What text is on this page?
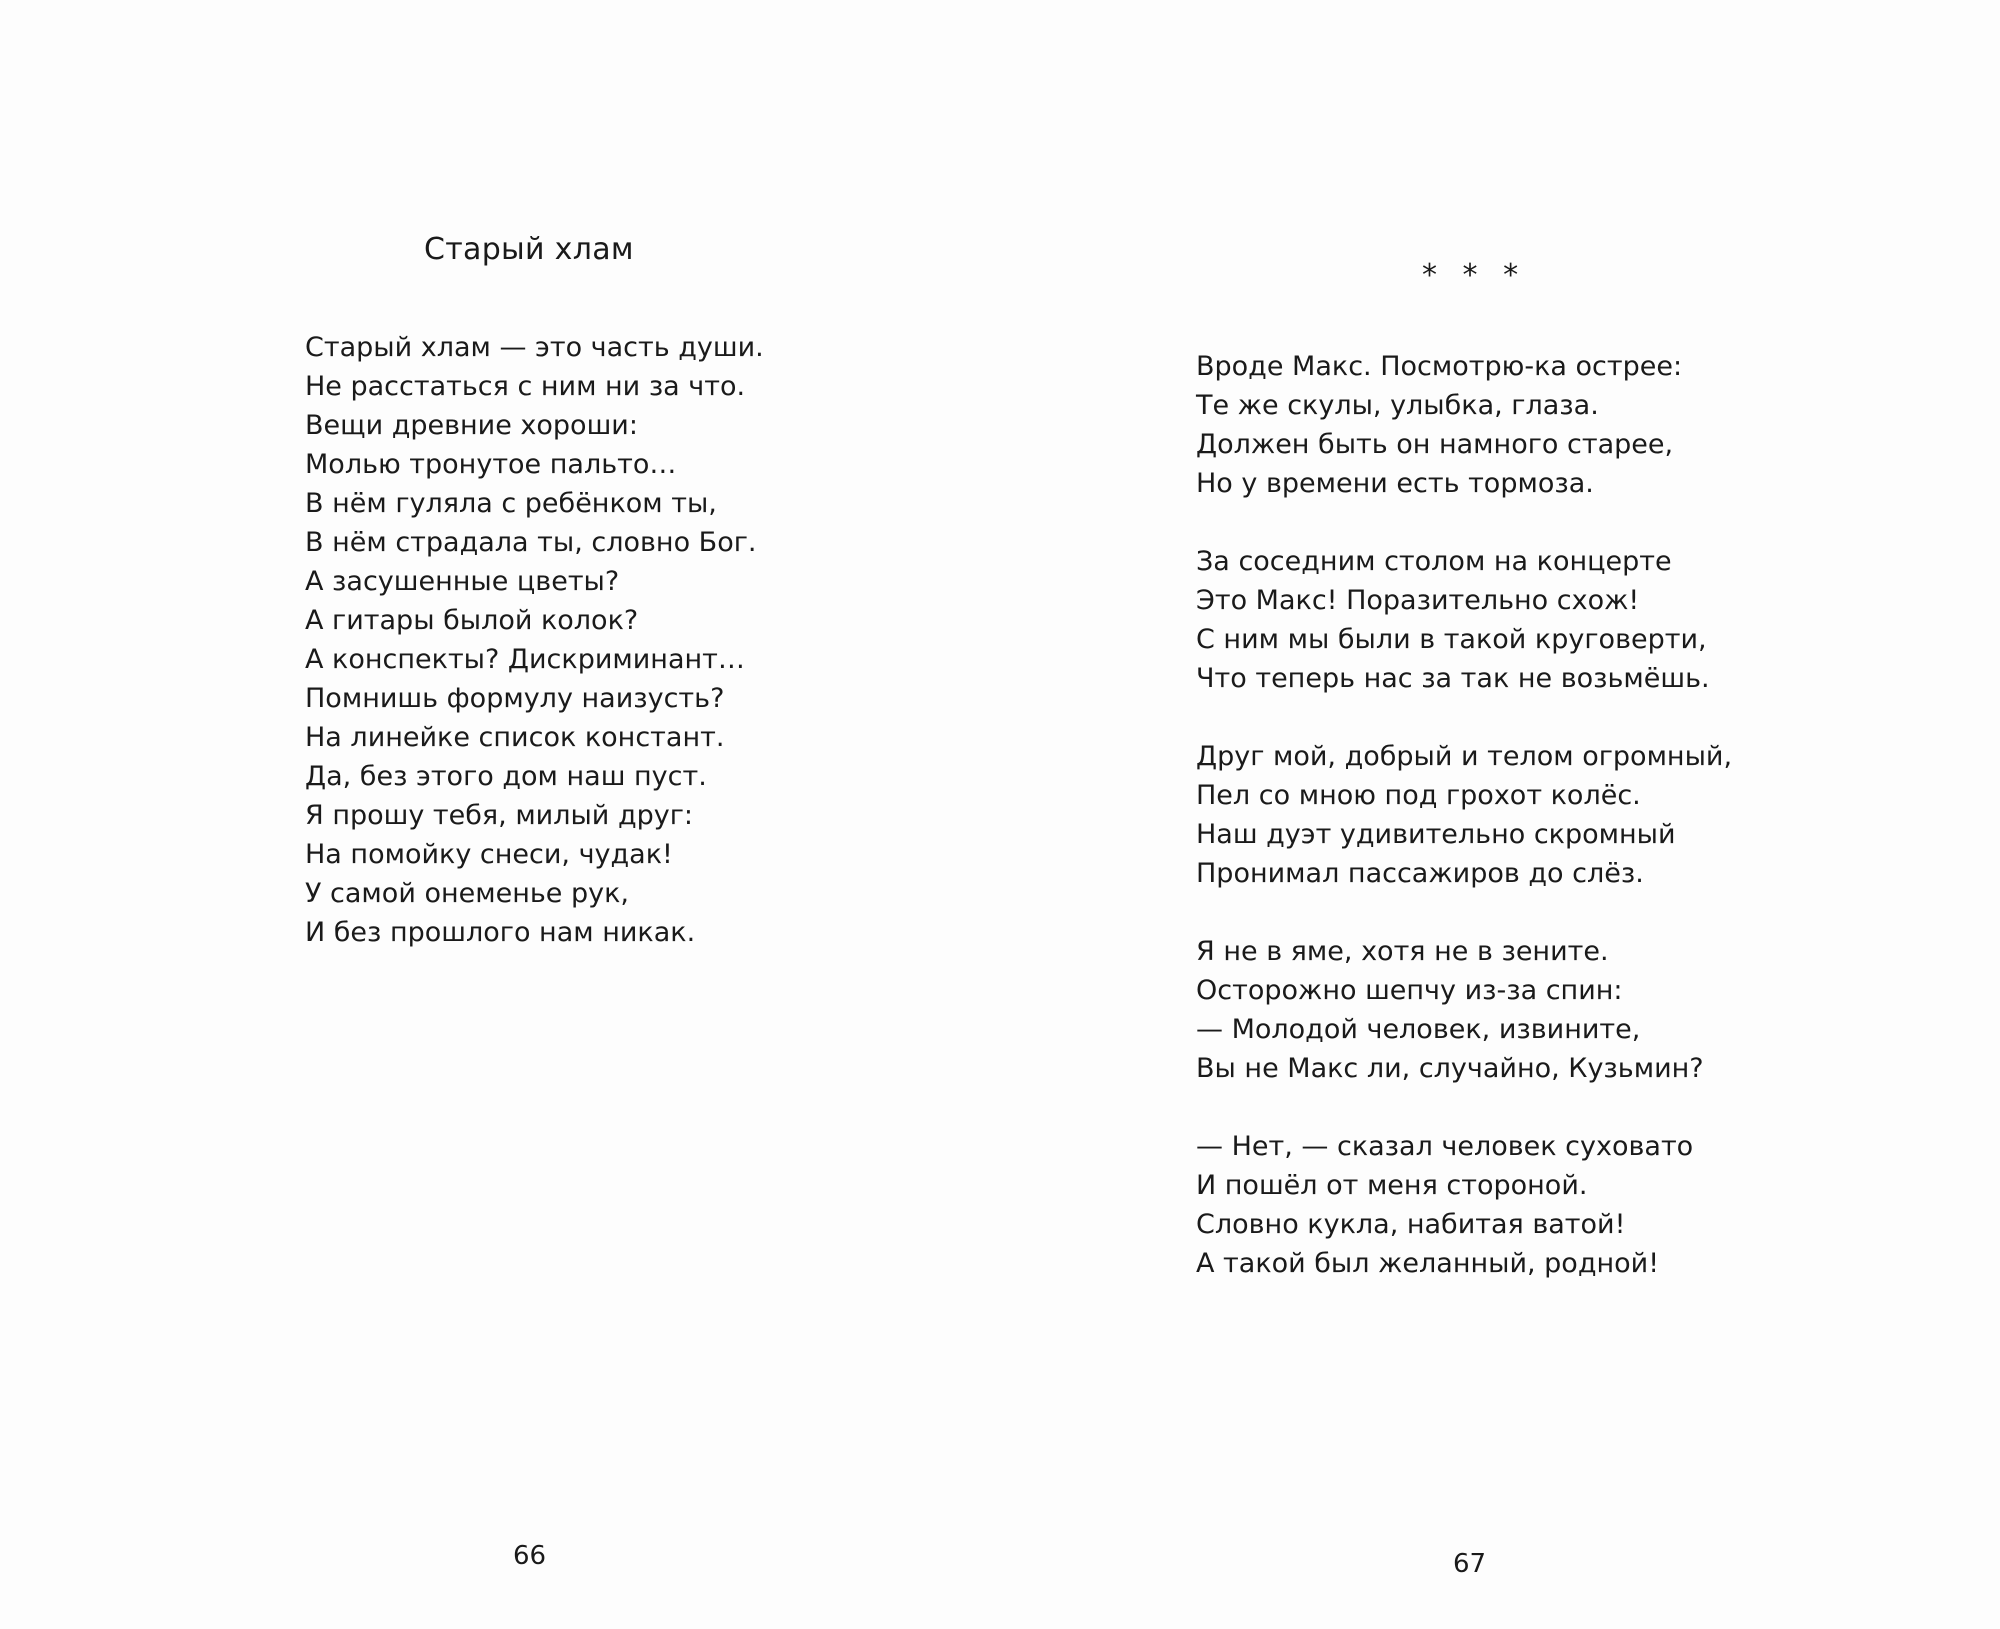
Старый хлам
Старый хлам — это часть души.
Не расстаться с ним ни за что.
Вещи древние хороши:
Молью тронутое пальто…
В нём гуляла с ребёнком ты,
В нём страдала ты, словно Бог.
А засушенные цветы?
А гитары былой колок?
А конспекты? Дискриминант…
Помнишь формулу наизусть?
На линейке список констант.
Да, без этого дом наш пуст.
Я прошу тебя, милый друг:
На помойку снеси, чудак!
У самой онеменье рук,
И без прошлого нам никак.
66
* * *
Вроде Макс. Посмотрю-ка острее:
Те же скулы, улыбка, глаза.
Должен быть он намного старее,
Но у времени есть тормоза.
За соседним столом на концерте
Это Макс! Поразительно схож!
С ним мы были в такой круговерти,
Что теперь нас за так не возьмёшь.
Друг мой, добрый и телом огромный,
Пел со мною под грохот колёс.
Наш дуэт удивительно скромный
Пронимал пассажиров до слёз.
Я не в яме, хотя не в зените.
Осторожно шепчу из-за спин:
— Молодой человек, извините,
Вы не Макс ли, случайно, Кузьмин?
— Нет, — сказал человек суховато
И пошёл от меня стороной.
Словно кукла, набитая ватой!
А такой был желанный, родной!
67
